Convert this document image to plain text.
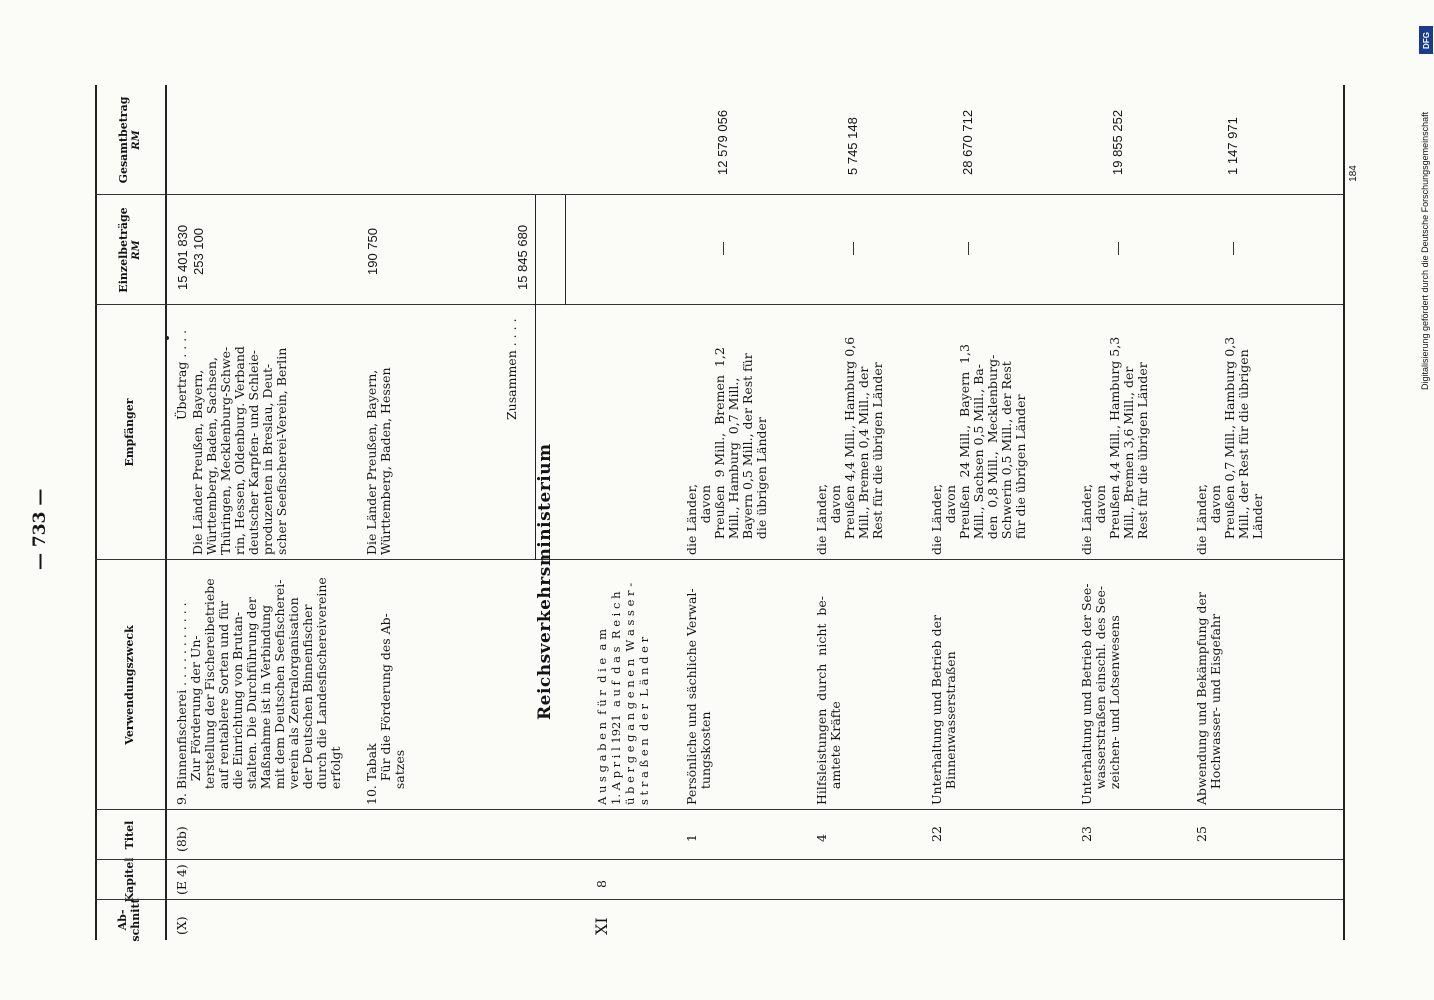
— 733 —
DFG
Digitalisierung gefördert durch die Deutsche Forschungsgemeinschaft
184
Ab- schnitt
Kapitel
Titel
Verwendungszweck
Empfänger
Einzelbeträge RM
Gesamtbetrag RM
(X)
(E 4)
(8b)
9. Binnenfischerei . . . . . . . . . . .
Zur Förderung der Un-
terstellung der Fischereibetriebe
auf rentablere Sorten und für
die Einrichtung von Brutan-
stalten. Die Durchführung der
Maßnahme ist in Verbindung
mit dem Deutschen Seefischerei-
verein als Zentralorganisation
der Deutschen Binnenfischer
durch die Landesfischereivereine
erfolgt
Übertrag . . . .
Die Länder Preußen, Bayern,
Württemberg, Baden, Sachsen,
Thüringen, Mecklenburg-Schwe-
rin, Hessen, Oldenburg. Verband
deutscher Karpfen- und Schleie-
produzenten in Breslau, Deut-
scher Seefischerei-Verein, Berlin
15 401 830 253 100
10. Tabak
Für die Förderung des Ab-
satzes
Die Länder Preußen, Bayern,
Württemberg, Baden, Hessen
190 750
Zusammen . . . .
15 845 680
XI
8
Reichsverkehrsministerium
A u s g a b e n  f ü r  d i e  a m
1. A p r i l 1921  a u f  d a s  R e i c h
ü b e r g e g a n g e n e n  W a s s e r -
s t r a ß e n  d e r  L ä n d e r
1
Persönliche und sächliche Verwal-
tungskosten
die Länder,
davon
Preußen  9 Mill.,  Bremen  1,2
Mill., Hamburg  0,7 Mill.,
Bayern 0,5 Mill., der Rest für
die übrigen Länder
—
12 579 056
4
Hilfsleistungen  durch  nicht  be-
amtete Kräfte
die Länder,
davon
Preußen 4,4 Mill., Hamburg 0,6
Mill., Bremen 0,4 Mill., der
Rest für die übrigen Länder
—
5 745 148
22
Unterhaltung und Betrieb der
Binnenwasserstraßen
die Länder,
davon
Preußen  24 Mill.,  Bayern  1,3
Mill., Sachsen 0,5 Mill., Ba-
den  0,8 Mill.,  Mecklenburg-
Schwerin 0,5 Mill., der Rest
für die übrigen Länder
—
28 670 712
23
Unterhaltung und Betrieb der See-
wasserstraßen einschl. des See-
zeichen- und Lotsenwesens
die Länder,
davon
Preußen 4,4 Mill., Hamburg 5,3
Mill., Bremen 3,6 Mill., der
Rest für die übrigen Länder
—
19 855 252
25
Abwendung und Bekämpfung der
Hochwasser- und Eisgefahr
die Länder,
davon
Preußen 0,7 Mill., Hamburg 0,3
Mill., der Rest für die übrigen
Länder
—
1 147 971
